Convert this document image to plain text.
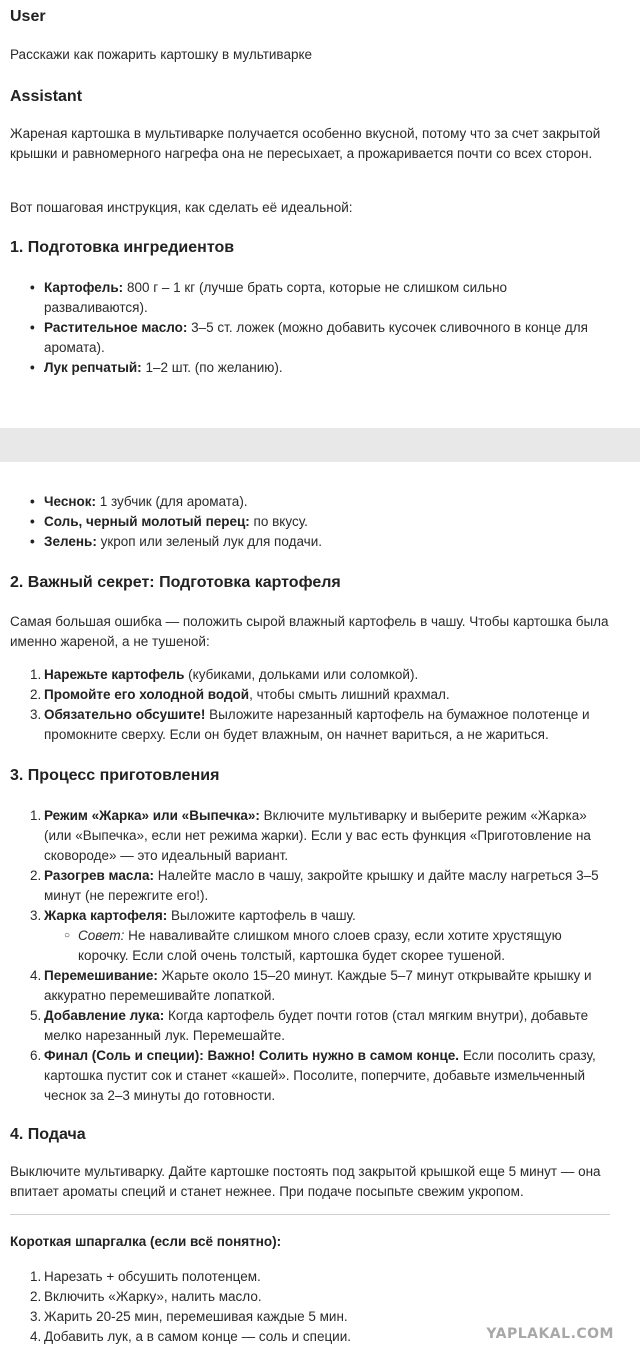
User
Расскажи как пожарить картошку в мультиварке
Assistant
Жареная картошка в мультиварке получается особенно вкусной, потому что за счет закрытой крышки и равномерного нагрефа она не пересыхает, а прожаривается почти со всех сторон.
Вот пошаговая инструкция, как сделать её идеальной:
1. Подготовка ингредиентов
• Картофель: 800 г – 1 кг (лучше брать сорта, которые не слишком сильно разваливаются).
• Растительное масло: 3–5 ст. ложек (можно добавить кусочек сливочного в конце для аромата).
• Лук репчатый: 1–2 шт. (по желанию).
• Чеснок: 1 зубчик (для аромата).
• Соль, черный молотый перец: по вкусу.
• Зелень: укроп или зеленый лук для подачи.
2. Важный секрет: Подготовка картофеля
Самая большая ошибка — положить сырой влажный картофель в чашу. Чтобы картошка была именно жареной, а не тушеной:
1. Нарежьте картофель (кубиками, дольками или соломкой).
2. Промойте его холодной водой, чтобы смыть лишний крахмал.
3. Обязательно обсушите! Выложите нарезанный картофель на бумажное полотенце и промокните сверху. Если он будет влажным, он начнет вариться, а не жариться.
3. Процесс приготовления
1. Режим «Жарка» или «Выпечка»: Включите мультиварку и выберите режим «Жарка» (или «Выпечка», если нет режима жарки). Если у вас есть функция «Приготовление на сковороде» — это идеальный вариант.
2. Разогрев масла: Налейте масло в чашу, закройте крышку и дайте маслу нагреться 3–5 минут (не пережгите его!).
3. Жарка картофеля: Выложите картофель в чашу.
○ Совет: Не наваливайте слишком много слоев сразу, если хотите хрустящую корочку. Если слой очень толстый, картошка будет скорее тушеной.
4. Перемешивание: Жарьте около 15–20 минут. Каждые 5–7 минут открывайте крышку и аккуратно перемешивайте лопаткой.
5. Добавление лука: Когда картофель будет почти готов (стал мягким внутри), добавьте мелко нарезанный лук. Перемешайте.
6. Финал (Соль и специи): Важно! Солить нужно в самом конце. Если посолить сразу, картошка пустит сок и станет «кашей». Посолите, поперчите, добавьте измельченный чеснок за 2–3 минуты до готовности.
4. Подача
Выключите мультиварку. Дайте картошке постоять под закрытой крышкой еще 5 минут — она впитает ароматы специй и станет нежнее. При подаче посыпьте свежим укропом.
Короткая шпаргалка (если всё понятно):
1. Нарезать + обсушить полотенцем.
2. Включить «Жарку», налить масло.
3. Жарить 20-25 мин, перемешивая каждые 5 мин.
4. Добавить лук, а в самом конце — соль и специи.	YAPLAKAL.COM
